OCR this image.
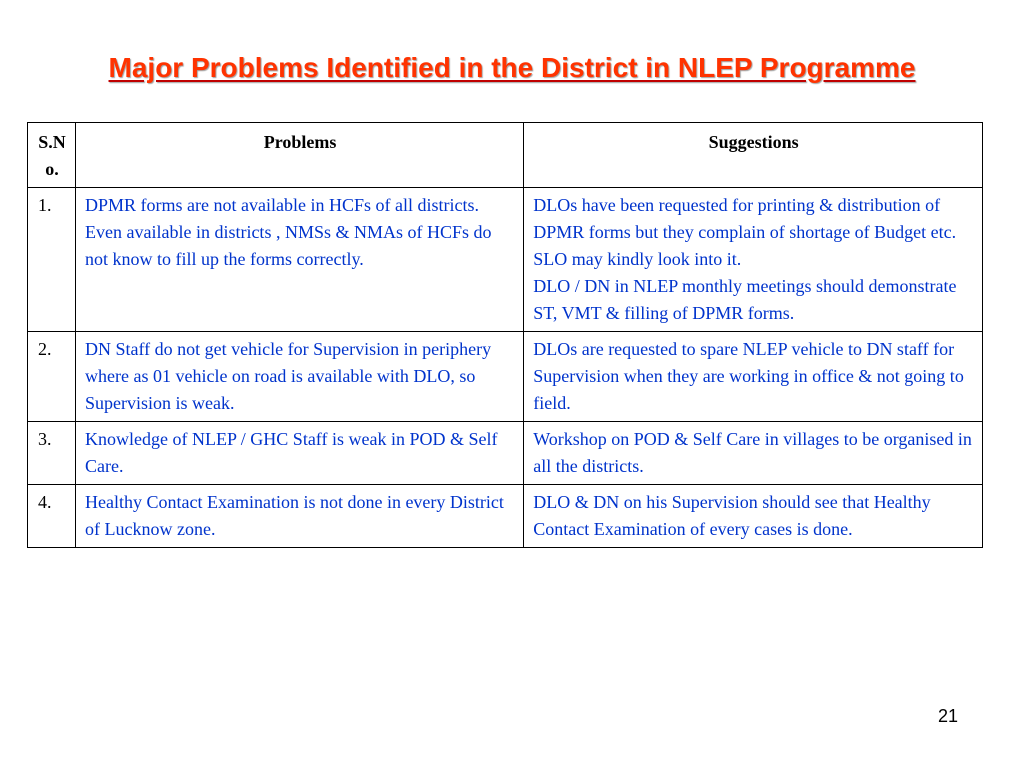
Major Problems Identified in the District in NLEP Programme
S.N
o.	Problems	Suggestions
1.	DPMR forms are not available in HCFs of all districts. Even available in districts , NMSs & NMAs of HCFs do not know to fill up the forms correctly.	DLOs have been requested for printing & distribution of DPMR forms but they complain of shortage of Budget etc. SLO may kindly look into it.
DLO / DN in NLEP monthly meetings should demonstrate ST, VMT & filling of DPMR forms.

2.	DN Staff do not get vehicle for Supervision in periphery where as 01 vehicle on road is available with DLO, so Supervision is weak.	DLOs are requested to spare NLEP vehicle to DN staff for Supervision when they are working in office & not going to field.

3.	Knowledge of NLEP / GHC Staff is weak in POD & Self Care.	Workshop on POD & Self Care in villages to be organised in all the districts.

4.	Healthy Contact Examination is not done in every District of Lucknow zone.	DLO & DN on his Supervision should see that Healthy Contact Examination of every cases is done.
21
